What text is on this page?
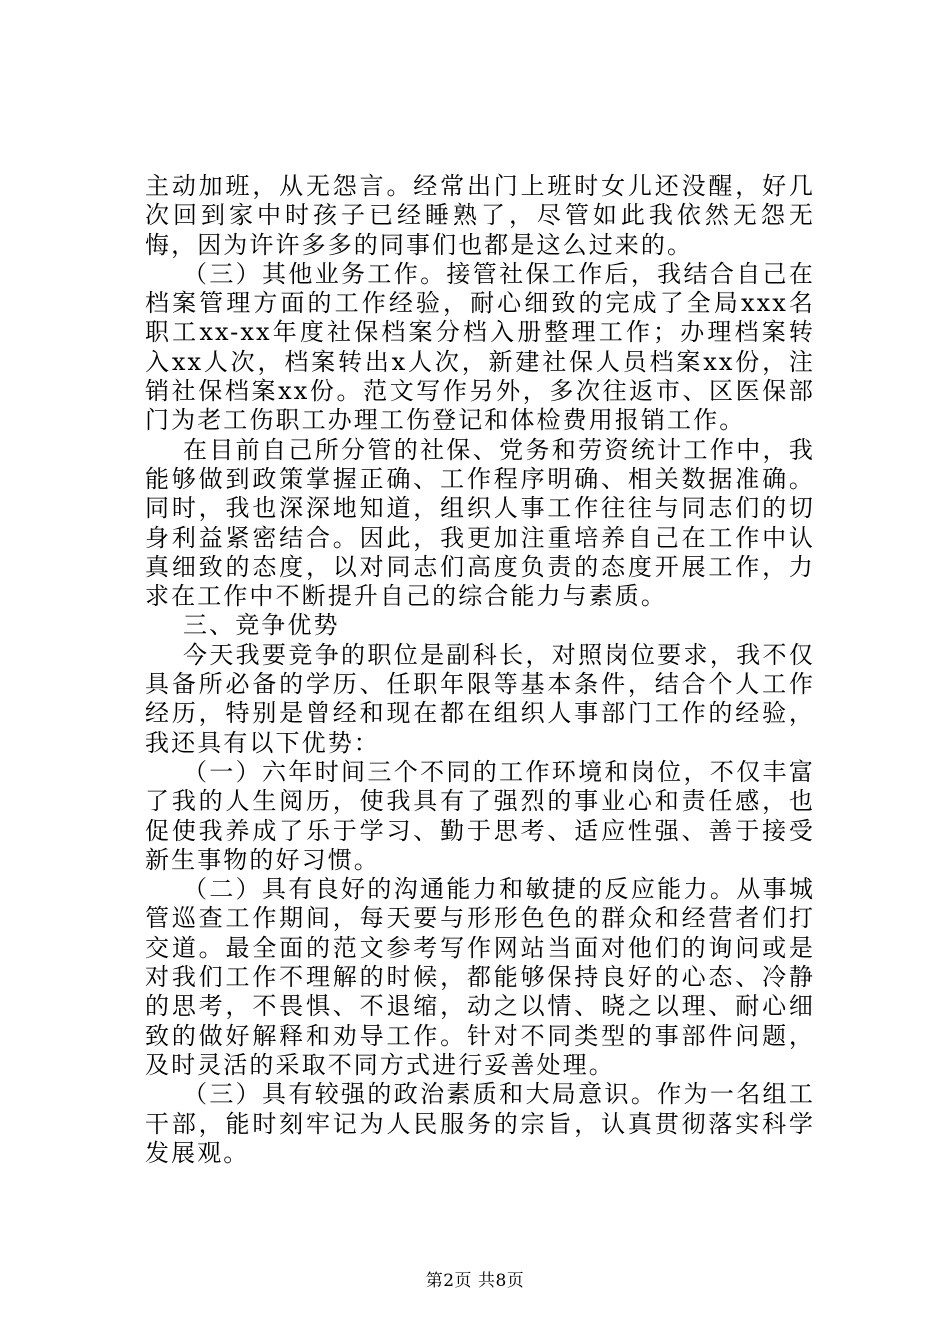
主动加班，从无怨言。经常出门上班时女儿还没醒，好几次回到家中时孩子已经睡熟了，尽管如此我依然无怨无悔，因为许许多多的同事们也都是这么过来的。

（三）其他业务工作。接管社保工作后，我结合自己在档案管理方面的工作经验，耐心细致的完成了全局xxx名职工xx-xx年度社保档案分档入册整理工作；办理档案转入xx人次，档案转出x人次，新建社保人员档案xx份，注销社保档案xx份。范文写作另外，多次往返市、区医保部门为老工伤职工办理工伤登记和体检费用报销工作。

在目前自己所分管的社保、党务和劳资统计工作中，我能够做到政策掌握正确、工作程序明确、相关数据准确。同时，我也深深地知道，组织人事工作往往与同志们的切身利益紧密结合。因此，我更加注重培养自己在工作中认真细致的态度，以对同志们高度负责的态度开展工作，力求在工作中不断提升自己的综合能力与素质。

三、竞争优势

今天我要竞争的职位是副科长，对照岗位要求，我不仅具备所必备的学历、任职年限等基本条件，结合个人工作经历，特别是曾经和现在都在组织人事部门工作的经验，我还具有以下优势：

（一）六年时间三个不同的工作环境和岗位，不仅丰富了我的人生阅历，使我具有了强烈的事业心和责任感，也促使我养成了乐于学习、勤于思考、适应性强、善于接受新生事物的好习惯。

（二）具有良好的沟通能力和敏捷的反应能力。从事城管巡查工作期间，每天要与形形色色的群众和经营者们打交道。最全面的范文参考写作网站当面对他们的询问或是对我们工作不理解的时候，都能够保持良好的心态、冷静的思考，不畏惧、不退缩，动之以情、晓之以理、耐心细致的做好解释和劝导工作。针对不同类型的事部件问题，及时灵活的采取不同方式进行妥善处理。

（三）具有较强的政治素质和大局意识。作为一名组工干部，能时刻牢记为人民服务的宗旨，认真贯彻落实科学发展观。

第2页 共8页
